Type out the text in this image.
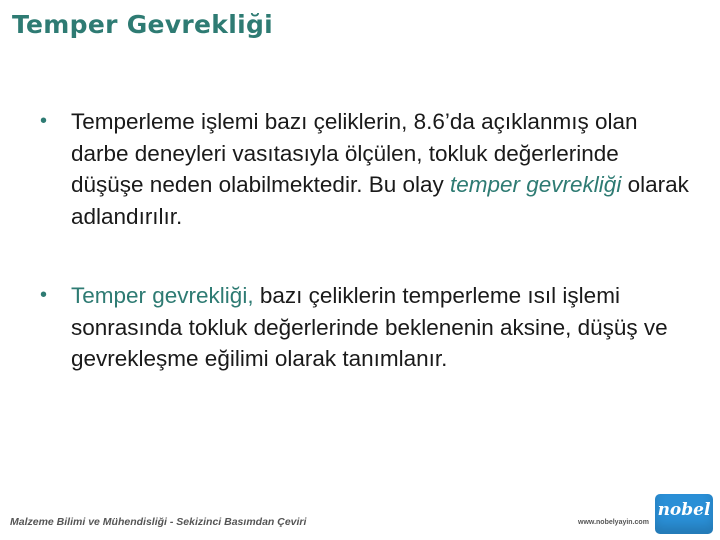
Temper Gevrekliği
• Temperleme işlemi bazı çeliklerin, 8.6’da açıklanmış olan darbe deneyleri vasıtasıyla ölçülen, tokluk değerlerinde düşüşe neden olabilmektedir. Bu olay temper gevrekliği olarak adlandırılır.
• Temper gevrekliği, bazı çeliklerin temperleme ısıl işlemi sonrasında tokluk değerlerinde beklenenin aksine, düşüş ve gevrekleşme eğilimi olarak tanımlanır.
Malzeme Bilimi ve Mühendisliği - Sekizinci Basımdan Çeviri	www.nobelyayin.com
nobel
